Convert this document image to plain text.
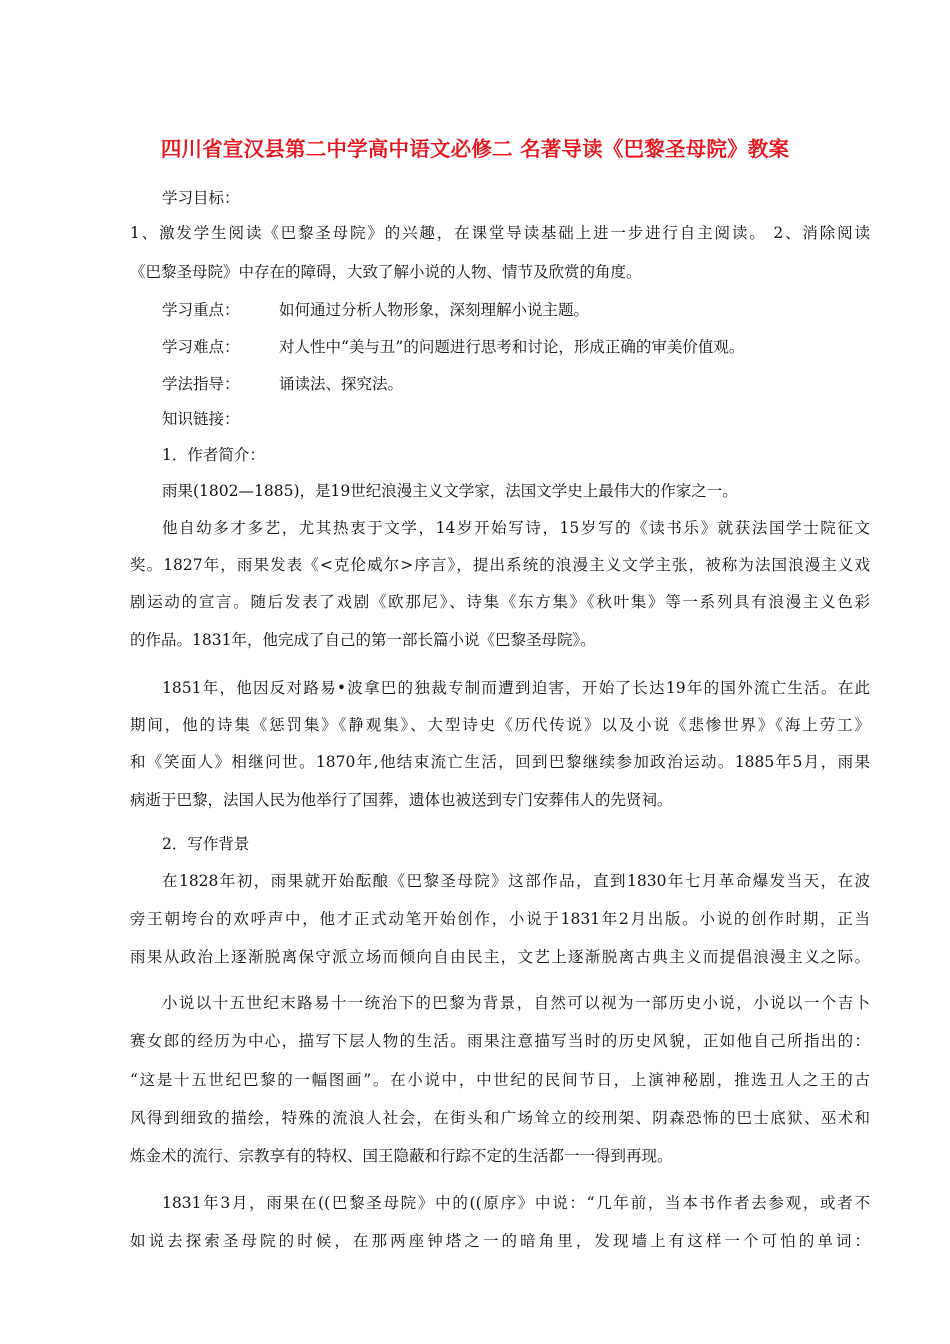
四川省宣汉县第二中学高中语文必修二 名著导读《巴黎圣母院》教案
学习目标：
1、激发学生阅读《巴黎圣母院》的兴趣，在课堂导读基础上进一步进行自主阅读。 2、消除阅读
《巴黎圣母院》中存在的障碍，大致了解小说的人物、情节及欣赏的角度。
学习重点：	如何通过分析人物形象，深刻理解小说主题。
学习难点：	对人性中“美与丑”的问题进行思考和讨论，形成正确的审美价值观。
学法指导：	诵读法、探究法。
知识链接：
1．作者简介：
雨果(1802—1885)，是19世纪浪漫主义文学家，法国文学史上最伟大的作家之一。
他自幼多才多艺，尤其热衷于文学，14岁开始写诗，15岁写的《读书乐》就获法国学士院征文
奖。1827年，雨果发表《<克伦威尔>序言》，提出系统的浪漫主义文学主张，被称为法国浪漫主义戏
剧运动的宣言。随后发表了戏剧《欧那尼》、诗集《东方集》《秋叶集》等一系列具有浪漫主义色彩
的作品。1831年，他完成了自己的第一部长篇小说《巴黎圣母院》。
1851年，他因反对路易•波拿巴的独裁专制而遭到迫害，开始了长达19年的国外流亡生活。在此
期间，他的诗集《惩罚集》《静观集》、大型诗史《历代传说》以及小说《悲惨世界》《海上劳工》
和《笑面人》相继问世。1870年,他结束流亡生活，回到巴黎继续参加政治运动。1885年5月，雨果
病逝于巴黎，法国人民为他举行了国葬，遗体也被送到专门安葬伟人的先贤祠。
2．写作背景
在1828年初，雨果就开始酝酿《巴黎圣母院》这部作品，直到1830年七月革命爆发当天，在波
旁王朝垮台的欢呼声中，他才正式动笔开始创作，小说于1831年2月出版。小说的创作时期，正当
雨果从政治上逐渐脱离保守派立场而倾向自由民主，文艺上逐渐脱离古典主义而提倡浪漫主义之际。
小说以十五世纪末路易十一统治下的巴黎为背景，自然可以视为一部历史小说，小说以一个吉卜
赛女郎的经历为中心，描写下层人物的生活。雨果注意描写当时的历史风貌，正如他自己所指出的：
“这是十五世纪巴黎的一幅图画”。在小说中，中世纪的民间节日，上演神秘剧，推选丑人之王的古
风得到细致的描绘，特殊的流浪人社会，在街头和广场耸立的绞刑架、阴森恐怖的巴士底狱、巫术和
炼金术的流行、宗教享有的特权、国王隐蔽和行踪不定的生活都一一得到再现。
1831年3月，雨果在((巴黎圣母院》中的((原序》中说：“几年前，当本书作者去参观，或者不
如说去探索圣母院的时候，在那两座钟塔之一的暗角里，发现墙上有这样一个可怕的单词：
